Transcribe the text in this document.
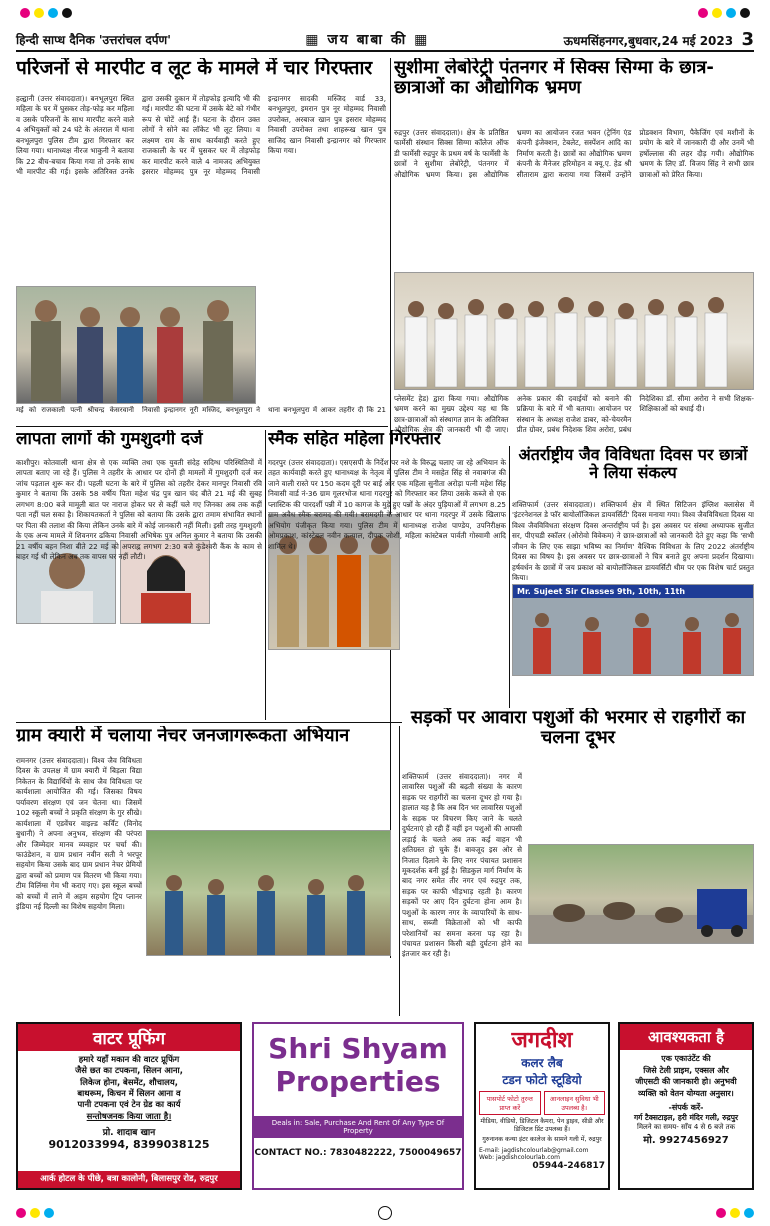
हिन्दी साप्ध दैनिक 'उत्तरांचल दर्पण'	▦ जय बाबा की ▦	ऊधमसिंहनगर,बुधवार,24 मई 2023 3
परिजनों से मारपीट व लूट के मामले में चार गिरफ्तार
हल्द्वानी (उत्तर संवाददाता)। बनभूलपुरा स्थित महिला के घर में घुसकर तोड़-फोड़ कर महिला व उसके परिजनों के साथ मारपीट करने वाले 4 अभियुक्तों को 24 घंटे के अंतराल में थाना बनभूलपुरा पुलिस टीम द्वारा गिरफ्तार कर लिया गया। थानाध्यक्ष नीरज भाकुनी ने बताया कि 22 बीच-बचाव किया गया तो उनके साथ भी मारपीट की गई। इसके अतिरिक्त उनके द्वारा उसकी दुकान में तोड़फोड़ इत्यादि भी की गई। मारपीट की घटना में उसके बेटे को गंभीर रूप से चोटें आई हैं। घटना के दौरान उक्त लोगों ने सोने का लॉकेट भी लूट लिया। व लक्ष्मण राम के साथ कार्यवाही करते हुए राजकाली के घर में घुसकर घर में तोड़फोड़ कर मारपीट करने वाले 4 नामजद अभियुक्त इसरार मोहम्मद पुत्र नूर मोहम्मद निवासी इन्द्रानगर सादकी मस्जिद वार्ड 33, बनभूलपुरा, इमरान पुत्र नूर मोहम्मद निवासी उपरोक्त, अरबाज खान पुत्र इसरार मोहम्मद निवासी उपरोक्त तथा शाहरूख खान पुत्र साजिद खान निवासी इन्द्रानगर को गिरफ्तार किया गया।
मई को राजकाली पत्नी श्रीचन्द्र केसरवानी निवासी इन्द्रानगर नूरी मस्जिद, बनभूलपुरा ने थाना बनभूलपुरा में आकर तहरीर दी कि 21
सुशीमा लेबोरेट्री पंतनगर में सिक्स सिग्मा के छात्र-छात्राओं का औद्योगिक भ्रमण
रुद्रपुर (उत्तर संवाददाता)। क्षेत्र के प्रतिष्ठित फार्मेसी संस्थान सिक्स सिग्मा कॉलेज ऑफ डी फार्मेसी रुद्रपुर के प्रथम वर्ष के फार्मेसी के छात्रों ने सुशीमा लेबोरेट्री, पंतनगर में औद्योगिक भ्रमण किया। इस औद्योगिक भ्रमण का आयोजन रजत भवन (ट्रेनिंग एंड कंपनी इंजेक्शन, टेबलेट, सस्पेंशन आदि का निर्माण करती है। छात्रों का औद्योगिक भ्रमण कंपनी के मैनेजर हरिमोहन व क्यू.ए. हेड श्री सीताराम द्वारा कराया गया जिसमें उन्होंने प्रोडक्शन विभाग, पैकेजिंग एवं मशीनों के प्रयोग के बारे में जानकारी दी और उनमें भी हर्षोल्लास की लहर दौड़ गयी। औद्योगिक भ्रमण के लिए डॉ. विजय सिंह ने सभी छात्र छात्राओं को प्रेरित किया।
प्लेसमेंट हेड) द्वारा किया गया। औद्योगिक भ्रमण करने का मुख्य उद्देश्य यह था कि छात्र-छात्राओं को संस्थागत ज्ञान के अतिरिक्त औद्योगिक क्षेत्र की जानकारी भी दी जाए। अनेक प्रकार की दवाईयों को बनाने की प्रक्रिया के बारे में भी बताया। आयोजन पर संस्थान के अध्यक्ष राजेश डाबर, को-चेयरमैन प्रीत ग्रोवर, प्रबंध निदेशक शिव अरोरा, प्रबंध निदेशिका डॉ. सीमा अरोरा ने सभी शिक्षक-शिक्षिकाओं को बधाई दी।
लापता लागों की गुमशुदगी दर्ज
काशीपुर। कोतवाली थाना क्षेत्र से एक व्यक्ति तथा एक युवती संदेह सदिग्ध परिस्थितियों में लापता बताए जा रहे हैं। पुलिस ने तहरीर के आधार पर दोनों ही मामलों में गुमशुदगी दर्ज कर जांच पड़ताल शुरू कर दी। पहली घटना के बारे में पुलिस को तहरीर देकर मानपुर निवासी रवि कुमार ने बताया कि उसके 58 वर्षीय पिता महेश चंद्र पुत्र खान चंद बीते 21 मई की सुबह लगभग 8:00 बजे मामूली बात पर नाराज होकर घर से कहीं चले गए जिनका अब तक कहीं पता नहीं चल सका है। शिकायतकर्ता ने पुलिस को बताया कि उसके द्वारा तमाम संभावित स्थानों पर पिता की तलाश की किया लेकिन उनके बारे में कोई जानकारी नहीं मिली। इसी तरह गुमशुदगी के एक अन्य मामले में शिवनगर ढकिया निवासी अभिषेक पुत्र अनिल कुमार ने बताया कि उसकी 21 वर्षीय बहन निशा बीते 22 मई को अपराह्न लगभग 2:30 बजे कुंडेश्वरी कैंक के काम से बाहर गई थी लेकिन अब तक वापस घर नहीं लौटी।
स्मैक सहित महिला गिरफ्तार
गदरपुर (उत्तर संवाददाता)। एसएसपी के निर्देश पर नशे के विरुद्ध चलाए जा रहे अभियान के तहत कार्यवाही करते हुए थानाध्यक्ष के नेतृत्व में पुलिस टीम ने मसहेत सिंह से नवाबगंज की जाने वाली रास्ते पर 150 कदम दूरी पर बाई ओर एक महिला सुनीता अरोड़ा पत्नी महेश सिंह निवासी वार्ड नं-36 ग्राम गूलरभोज थाना गदरपुर को गिरफ्तार कर लिया उसके कब्जे से एक प्लास्टिक की पारदर्शी पन्नी में 10 कागज के मुड़े हुए पन्नों के अंदर पुड़ियाओं में लगभग 8.25 ग्राम अवैध स्मैक बरामद की गयी। बरामदगी के आधार पर थाना गदरपुर में उसके खिलाफ अभियोग पंजीकृत किया गया। पुलिस टीम में थानाध्यक्ष राजेश पाण्डेय, उपनिरीक्षक ओमप्रकाश, कांस्टेबल नवीन कन्याल, दीपक जोशी, महिला कांस्टेबल पार्वती गोस्वामी आदि शामिल थे।
अंतर्राष्ट्रीय जैव विविधता दिवस पर छात्रों ने लिया संकल्प
Mr. Sujeet Sir Classes 9th, 10th, 11th
शक्तिफार्म (उत्तर संवाददाता)। शक्तिफार्म क्षेत्र में स्थित सिटिजन इंग्लिश क्लासेस में 'इंटरनेशनल डे फॉर बायोलॉजिकल डायवर्सिटी' दिवस मनाया गया। विश्व जैवविविधता दिवस या विश्व जैवविविधता संरक्षण दिवस अन्तर्राष्ट्रीय पर्व है। इस अवसर पर संस्था अध्यापक सुजीत सर, पीएचडी स्कॉलर (ओरोवो विवेकम) ने छात्र-छात्राओं को जानकारी देते हुए कहा कि 'सभी जीवन के लिए एक साझा भविष्य का निर्माण' वैश्विक विविधता के लिए 2022 अंतर्राष्ट्रीय दिवस का विषय है। इस अवसर पर छात्र-छात्राओं ने चित्र बनाते हुए अपना प्रदर्शन दिखाया। हर्षवर्धन के छात्रों में जय प्रकाश को बायोलॉजिकल डायवर्सिटी थीम पर एक विशेष चार्ट प्रस्तुत किया।
ग्राम क्यारी में चलाया नेचर जनजागरूकता अभियान
रामनगर (उत्तर संवाददाता)। विश्व जैव विविधता दिवस के उपलक्ष में ग्राम क्यारी में बिड़ला विद्या निकेतन के विद्यार्थियों के साथ जैव विविधता पर कार्यशाला आयोजित की गई। जिसका विषय पर्यावरण संरक्षण एवं जन चेतना था। जिसमें 102 स्कूली बच्चों ने प्रकृति संरक्षण के गुर सीखे। कार्यशाला में एडवेंचर वाइल्ड कर्विंट (विनोद बुधानी) ने अपना अनुभव, संरक्षण की परंपरा और जिम्मेदार मानव व्यवहार पर चर्चा की। फाउंडेशन, व ग्राम प्रधान नवीन सती ने भरपूर सहयोग किया उसके बाद ग्राम प्रधान नेचर प्रेमियों द्वारा बच्चों को प्रमाण पत्र वितरण भी किया गया। टीम विलिंग्स गेम भी कराए गए। इस स्कूल बच्चों को बच्चों में लाने में अहम सहयोग ट्रिप प्लानर इंडिया नई दिल्ली का विशेष सहयोग मिला।
सड़कों पर आवारा पशुओं की भरमार से राहगीरों का चलना दूभर
शक्तिफार्म (उत्तर संवाददाता)। नगर में लावारिस पशुओं की बढ़ती संख्या के कारण सड़क पर राहगीरों का चलना दूभर हो गया है। हालात यह है कि अब दिन भर लावारिस पशुओं के सड़क पर विचरण किए जाने के चलते दुर्घटनाएं हो रही हैं वहीं इन पशुओं की आपसी लड़ाई के चलते अब तक कई वाहन भी क्षतिग्रस्त हो चुके हैं। बावजूद इस ओर से निजात दिलाने के लिए नगर पंचायत प्रशासन मूकदर्शक बनी हुई है। सिडकुल मार्ग निर्माण के बाद नगर समेत तीर नगर एवं रुद्रपुर तक, सड़क पर काफी भीड़भाड़ रहती है। कारण सड़कों पर आए दिन दुर्घटना होना आम है। पशुओं के कारण नगर के व्यापारियों के साथ-साथ, सब्जी विक्रेताओं को भी काफी परेशानियों का समना करना पड़ रहा है। पंचायत प्रशासन किसी बड़ी दुर्घटना होने का इंतजार कर रही है।
वाटर प्रूफिंग
हमारे यहाँ मकान की वाटर प्रूफिंग
जैसे छत का टपकना, सिलन आना,
लिकेज होना, बेसमेंट, शौचालय,
बाथरूम, किचन में सिलन आना व
पानी टपकना एवं टेन ग्रेड का कार्य
सन्तोषजनक किया जाता है।
प्रो. शादाब खान
9012033994, 8399038125
आर्क होटल के पीछे, बत्रा कालोनी, बिलासपुर रोड, रुद्रपुर
Shri Shyam
Properties
Deals in: Sale, Purchase And Rent Of Any Type Of Property
CONTACT NO.: 7830482222, 7500049657
जगदीश
कलर लैब
टडन फोटो स्टूडियो
पासपोर्ट फोटो तुरन्त प्राप्त करें
आनलाइन सुविधा भी उपलब्ध है।
मीडिया, वीडियो, डिजिटल कैमरा, पेन ड्राइव, सीडी और डिजिटल प्रिंट उपलब्ध हैं।
गुरुनानक कन्या इंटर कालेज के सामने गली में, रुद्रपुर
E-mail: jagdishcolourlab@gmail.com
Web: jagdishcolourlab.com
05944-246817
आवश्यकता है
एक एकाउंटेंट की
जिसे टेली प्राइम, एक्सल और
जीएसटी की जानकारी हो। अनुभवी
व्यक्ति को वेतन योग्यता अनुसार।
-संपर्क करें-
गर्ग टैक्सटाइल, हरी मंदिर गली, रुद्रपुर
मिलने का समय- सॉंय 4 से 6 बजे तक
मो. 9927456927
